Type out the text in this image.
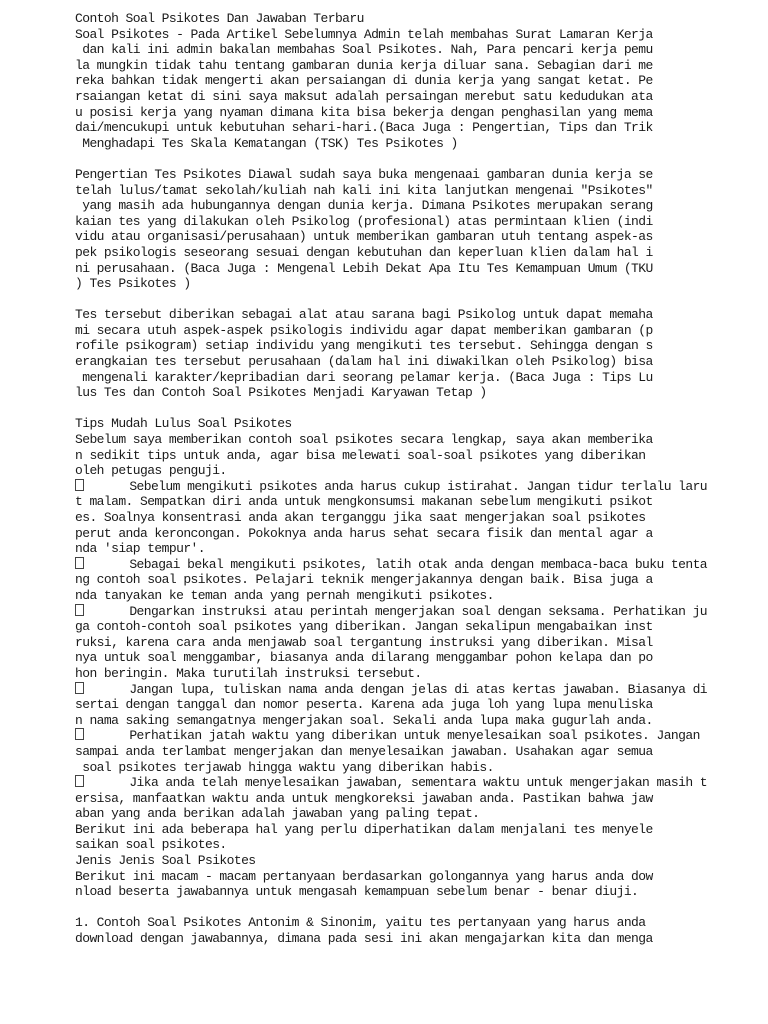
Contoh Soal Psikotes Dan Jawaban Terbaru
Soal Psikotes - Pada Artikel Sebelumnya Admin telah membahas Surat Lamaran Kerja
dan kali ini admin bakalan membahas Soal Psikotes. Nah, Para pencari kerja pemu
la mungkin tidak tahu tentang gambaran dunia kerja diluar sana. Sebagian dari me
reka bahkan tidak mengerti akan persaiangan di dunia kerja yang sangat ketat. Pe
rsaiangan ketat di sini saya maksut adalah persaingan merebut satu kedudukan ata
u posisi kerja yang nyaman dimana kita bisa bekerja dengan penghasilan yang mema
dai/mencukupi untuk kebutuhan sehari-hari.(Baca Juga : Pengertian, Tips dan Trik
Menghadapi Tes Skala Kematangan (TSK) Tes Psikotes )
Pengertian Tes Psikotes Diawal sudah saya buka mengenaai gambaran dunia kerja se
telah lulus/tamat sekolah/kuliah nah kali ini kita lanjutkan mengenai "Psikotes"
yang masih ada hubungannya dengan dunia kerja. Dimana Psikotes merupakan serang
kaian tes yang dilakukan oleh Psikolog (profesional) atas permintaan klien (indi
vidu atau organisasi/perusahaan) untuk memberikan gambaran utuh tentang aspek-as
pek psikologis seseorang sesuai dengan kebutuhan dan keperluan klien dalam hal i
ni perusahaan. (Baca Juga : Mengenal Lebih Dekat Apa Itu Tes Kemampuan Umum (TKU
) Tes Psikotes )
Tes tersebut diberikan sebagai alat atau sarana bagi Psikolog untuk dapat memaha
mi secara utuh aspek-aspek psikologis individu agar dapat memberikan gambaran (p
rofile psikogram) setiap individu yang mengikuti tes tersebut. Sehingga dengan s
erangkaian tes tersebut perusahaan (dalam hal ini diwakilkan oleh Psikolog) bisa
mengenali karakter/kepribadian dari seorang pelamar kerja. (Baca Juga : Tips Lu
lus Tes dan Contoh Soal Psikotes Menjadi Karyawan Tetap )
Tips Mudah Lulus Soal Psikotes
Sebelum saya memberikan contoh soal psikotes secara lengkap, saya akan memberika
n sedikit tips untuk anda, agar bisa melewati soal-soal psikotes yang diberikan
oleh petugas penguji.
Sebelum mengikuti psikotes anda harus cukup istirahat. Jangan tidur terlalu laru
t malam. Sempatkan diri anda untuk mengkonsumsi makanan sebelum mengikuti psikot
es. Soalnya konsentrasi anda akan terganggu jika saat mengerjakan soal psikotes
perut anda keroncongan. Pokoknya anda harus sehat secara fisik dan mental agar a
nda 'siap tempur'.
Sebagai bekal mengikuti psikotes, latih otak anda dengan membaca-baca buku tenta
ng contoh soal psikotes. Pelajari teknik mengerjakannya dengan baik. Bisa juga a
nda tanyakan ke teman anda yang pernah mengikuti psikotes.
Dengarkan instruksi atau perintah mengerjakan soal dengan seksama. Perhatikan ju
ga contoh-contoh soal psikotes yang diberikan. Jangan sekalipun mengabaikan inst
ruksi, karena cara anda menjawab soal tergantung instruksi yang diberikan. Misal
nya untuk soal menggambar, biasanya anda dilarang menggambar pohon kelapa dan po
hon beringin. Maka turutilah instruksi tersebut.
Jangan lupa, tuliskan nama anda dengan jelas di atas kertas jawaban. Biasanya di
sertai dengan tanggal dan nomor peserta. Karena ada juga loh yang lupa menuliska
n nama saking semangatnya mengerjakan soal. Sekali anda lupa maka gugurlah anda.
Perhatikan jatah waktu yang diberikan untuk menyelesaikan soal psikotes. Jangan
sampai anda terlambat mengerjakan dan menyelesaikan jawaban. Usahakan agar semua
soal psikotes terjawab hingga waktu yang diberikan habis.
Jika anda telah menyelesaikan jawaban, sementara waktu untuk mengerjakan masih t
ersisa, manfaatkan waktu anda untuk mengkoreksi jawaban anda. Pastikan bahwa jaw
aban yang anda berikan adalah jawaban yang paling tepat.
Berikut ini ada beberapa hal yang perlu diperhatikan dalam menjalani tes menyele
saikan soal psikotes.
Jenis Jenis Soal Psikotes
Berikut ini macam - macam pertanyaan berdasarkan golongannya yang harus anda dow
nload beserta jawabannya untuk mengasah kemampuan sebelum benar - benar diuji.
1. Contoh Soal Psikotes Antonim & Sinonim, yaitu tes pertanyaan yang harus anda
download dengan jawabannya, dimana pada sesi ini akan mengajarkan kita dan menga
